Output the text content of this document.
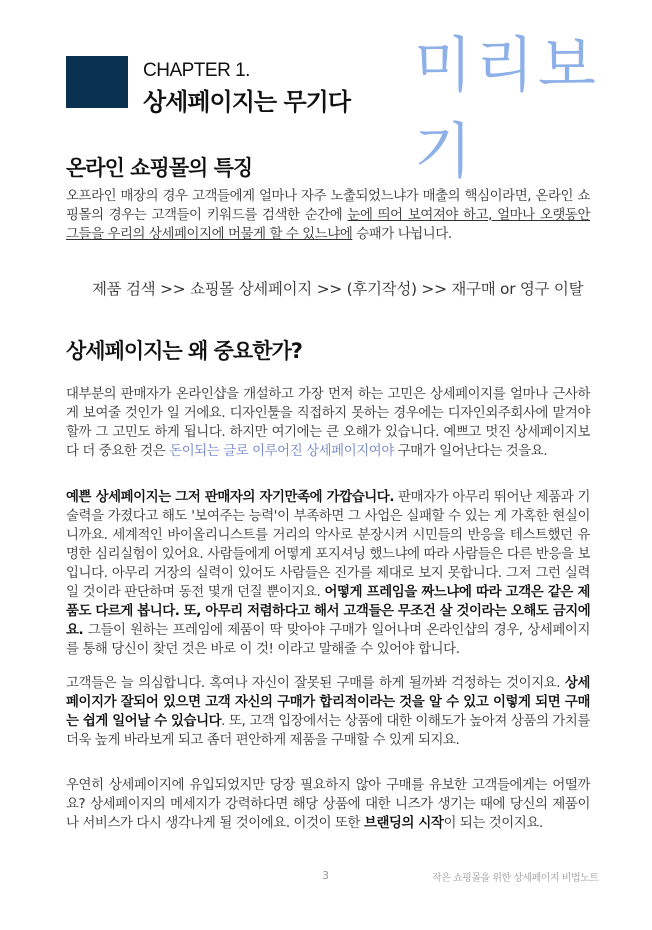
CHAPTER 1.
상세페이지는 무기다
미리보기
온라인 쇼핑몰의 특징
오프라인 매장의 경우 고객들에게 얼마나 자주 노출되었느냐가 매출의 핵심이라면, 온라인 쇼
핑몰의 경우는 고객들이 키워드를 검색한 순간에 눈에 띄어 보여져야 하고, 얼마나 오랫동안
그들을 우리의 상세페이지에 머물게 할 수 있느냐에 승패가 나뉩니다.
제품 검색 >> 쇼핑몰 상세페이지 >> (후기작성) >> 재구매 or 영구 이탈
상세페이지는 왜 중요한가?
대부분의 판매자가 온라인샵을 개설하고 가장 먼저 하는 고민은 상세페이지를 얼마나 근사하
게 보여줄 것인가 일 거에요. 디자인툴을 직접하지 못하는 경우에는 디자인외주회사에 맡겨야
할까 그 고민도 하게 됩니다. 하지만 여기에는 큰 오해가 있습니다. 예쁘고 멋진 상세페이지보
다 더 중요한 것은 돈이되는 글로 이루어진 상세페이지여야 구매가 일어난다는 것을요.
예쁜 상세페이지는 그저 판매자의 자기만족에 가깝습니다. 판매자가 아무리 뛰어난 제품과 기
술력을 가졌다고 해도 '보여주는 능력'이 부족하면 그 사업은 실패할 수 있는 게 가혹한 현실이
니까요. 세계적인 바이올리니스트를 거리의 악사로 분장시켜 시민들의 반응을 테스트했던 유
명한 심리실험이 있어요. 사람들에게 어떻게 포지셔닝 했느냐에 따라 사람들은 다른 반응을 보
입니다. 아무리 거장의 실력이 있어도 사람들은 진가를 제대로 보지 못합니다. 그저 그런 실력
일 것이라 판단하며 동전 몇개 던질 뿐이지요. 어떻게 프레임을 짜느냐에 따라 고객은 같은 제
품도 다르게 봅니다. 또, 아무리 저렴하다고 해서 고객들은 무조건 살 것이라는 오해도 금지에
요. 그들이 원하는 프레임에 제품이 딱 맞아야 구매가 일어나며 온라인샵의 경우, 상세페이지
를 통해 당신이 찾던 것은 바로 이 것! 이라고 말해줄 수 있어야 합니다.
고객들은 늘 의심합니다. 혹여나 자신이 잘못된 구매를 하게 될까봐 걱정하는 것이지요. 상세
페이지가 잘되어 있으면 고객 자신의 구매가 합리적이라는 것을 알 수 있고 이렇게 되면 구매
는 쉽게 일어날 수 있습니다. 또, 고객 입장에서는 상품에 대한 이해도가 높아져 상품의 가치를
더욱 높게 바라보게 되고 좀더 편안하게 제품을 구매할 수 있게 되지요.
우연히 상세페이지에 유입되었지만 당장 필요하지 않아 구매를 유보한 고객들에게는 어떨까
요? 상세페이지의 메세지가 강력하다면 해당 상품에 대한 니즈가 생기는 때에 당신의 제품이
나 서비스가 다시 생각나게 될 것이에요. 이것이 또한 브랜딩의 시작이 되는 것이지요.
3	작은 쇼핑몰을 위한 상세페이지 비법노트
